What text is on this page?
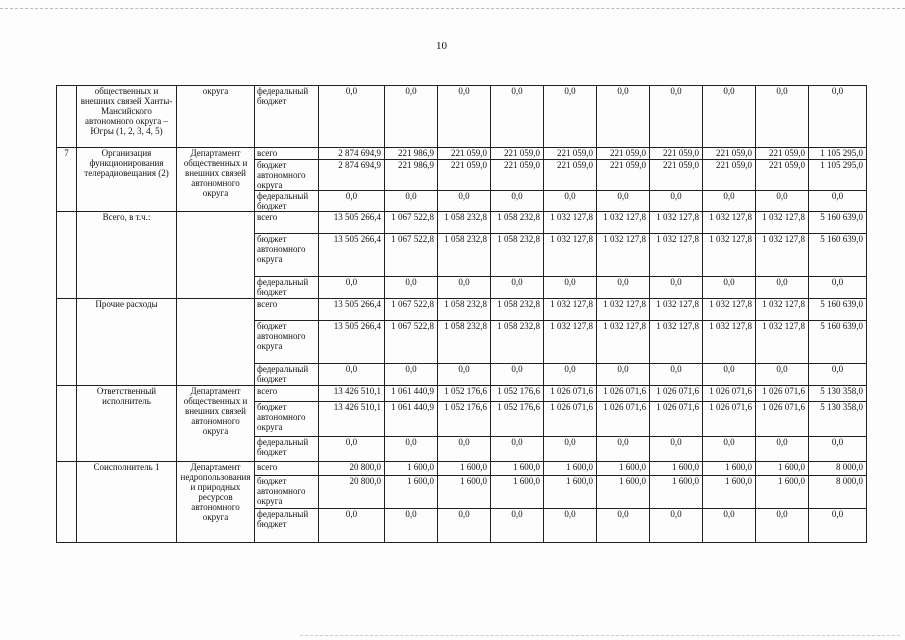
10
	общественных и внешних связей Ханты-Мансийского автономного округа – Югры (1, 2, 3, 4, 5)	округа	федеральный бюджет	0,0	0,0	0,0	0,0	0,0	0,0	0,0	0,0	0,0	0,0
7	Организация функционирования телерадиовещания (2)	Департамент общественных и внешних связей автономного округа	всего	2 874 694,9	221 986,9	221 059,0	221 059,0	221 059,0	221 059,0	221 059,0	221 059,0	221 059,0	1 105 295,0
			бюджет автономного округа	2 874 694,9	221 986,9	221 059,0	221 059,0	221 059,0	221 059,0	221 059,0	221 059,0	221 059,0	1 105 295,0
			федеральный бюджет	0,0	0,0	0,0	0,0	0,0	0,0	0,0	0,0	0,0	0,0
	Всего, в т.ч.:		всего	13 505 266,4	1 067 522,8	1 058 232,8	1 058 232,8	1 032 127,8	1 032 127,8	1 032 127,8	1 032 127,8	1 032 127,8	5 160 639,0
			бюджет автономного округа	13 505 266,4	1 067 522,8	1 058 232,8	1 058 232,8	1 032 127,8	1 032 127,8	1 032 127,8	1 032 127,8	1 032 127,8	5 160 639,0
			федеральный бюджет	0,0	0,0	0,0	0,0	0,0	0,0	0,0	0,0	0,0	0,0
	Прочие расходы		всего	13 505 266,4	1 067 522,8	1 058 232,8	1 058 232,8	1 032 127,8	1 032 127,8	1 032 127,8	1 032 127,8	1 032 127,8	5 160 639,0
			бюджет автономного округа	13 505 266,4	1 067 522,8	1 058 232,8	1 058 232,8	1 032 127,8	1 032 127,8	1 032 127,8	1 032 127,8	1 032 127,8	5 160 639,0
			федеральный бюджет	0,0	0,0	0,0	0,0	0,0	0,0	0,0	0,0	0,0	0,0
	Ответственный исполнитель	Департамент общественных и внешних связей автономного округа	всего	13 426 510,1	1 061 440,9	1 052 176,6	1 052 176,6	1 026 071,6	1 026 071,6	1 026 071,6	1 026 071,6	1 026 071,6	5 130 358,0
			бюджет автономного округа	13 426 510,1	1 061 440,9	1 052 176,6	1 052 176,6	1 026 071,6	1 026 071,6	1 026 071,6	1 026 071,6	1 026 071,6	5 130 358,0
			федеральный бюджет	0,0	0,0	0,0	0,0	0,0	0,0	0,0	0,0	0,0	0,0
	Соисполнитель 1	Департамент недропользования и природных ресурсов автономного округа	всего	20 800,0	1 600,0	1 600,0	1 600,0	1 600,0	1 600,0	1 600,0	1 600,0	1 600,0	8 000,0
			бюджет автономного округа	20 800,0	1 600,0	1 600,0	1 600,0	1 600,0	1 600,0	1 600,0	1 600,0	1 600,0	8 000,0
			федеральный бюджет	0,0	0,0	0,0	0,0	0,0	0,0	0,0	0,0	0,0	0,0
